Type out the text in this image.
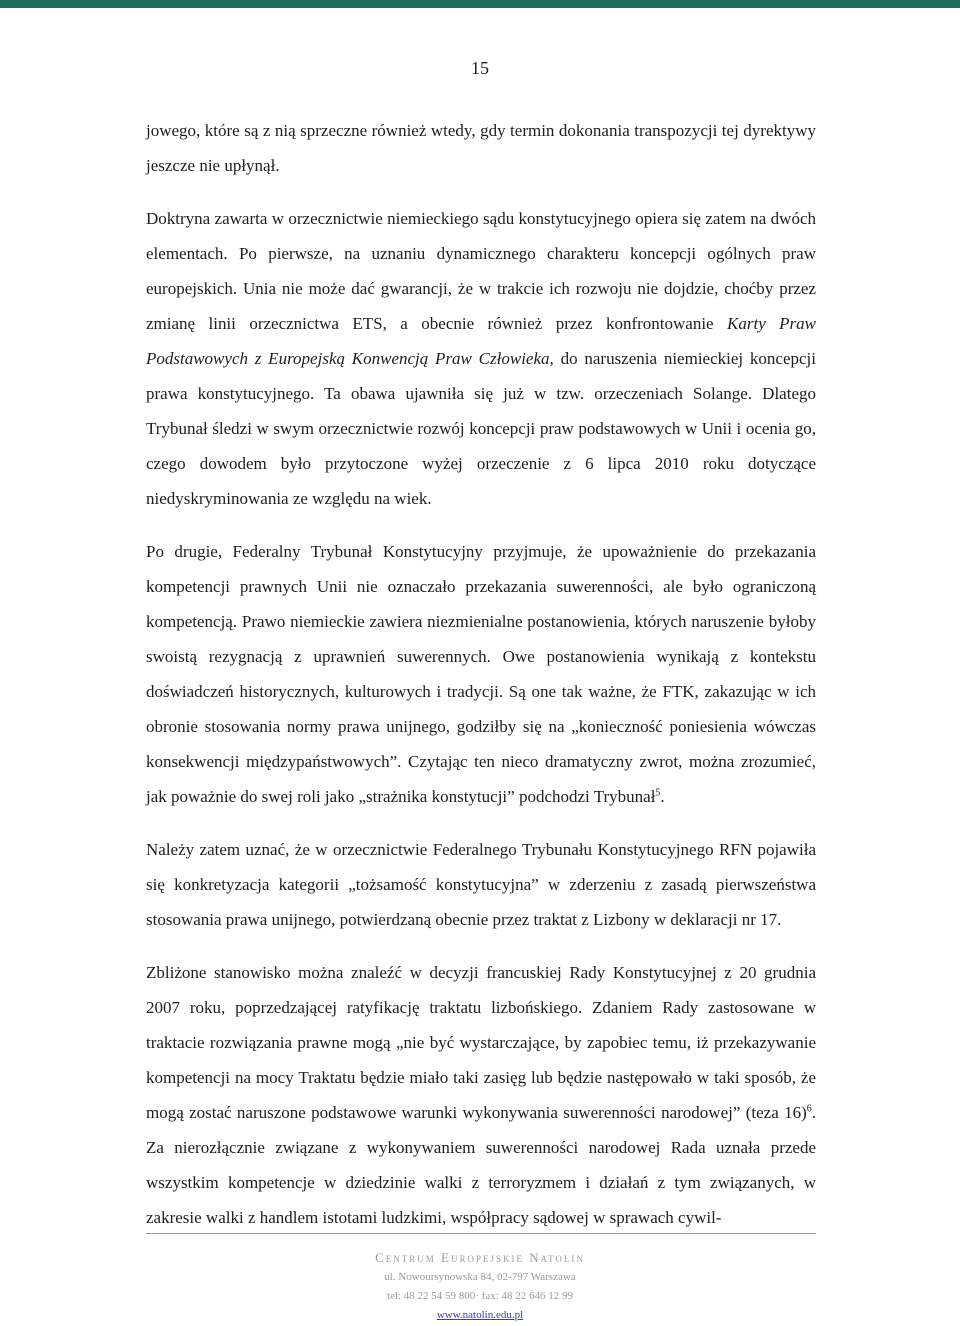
15

jowego, które są z nią sprzeczne również wtedy, gdy termin dokonania transpozycji tej dyrektywy jeszcze nie upłynął.

Doktryna zawarta w orzecznictwie niemieckiego sądu konstytucyjnego opiera się zatem na dwóch elementach. Po pierwsze, na uznaniu dynamicznego charakteru koncepcji ogólnych praw europejskich. Unia nie może dać gwarancji, że w trakcie ich rozwoju nie dojdzie, choćby przez zmianę linii orzecznictwa ETS, a obecnie również przez konfrontowanie Karty Praw Podstawowych z Europejską Konwencją Praw Człowieka, do naruszenia niemieckiej koncepcji prawa konstytucyjnego. Ta obawa ujawniła się już w tzw. orzeczeniach Solange. Dlatego Trybunał śledzi w swym orzecznictwie rozwój koncepcji praw podstawowych w Unii i ocenia go, czego dowodem było przytoczone wyżej orzeczenie z 6 lipca 2010 roku dotyczące niedyskryminowania ze względu na wiek.

Po drugie, Federalny Trybunał Konstytucyjny przyjmuje, że upoważnienie do przekazania kompetencji prawnych Unii nie oznaczało przekazania suwerenności, ale było ograniczoną kompetencją. Prawo niemieckie zawiera niezmienialne postanowienia, których naruszenie byłoby swoistą rezygnacją z uprawnień suwerennych. Owe postanowienia wynikają z kontekstu doświadczeń historycznych, kulturowych i tradycji. Są one tak ważne, że FTK, zakazując w ich obronie stosowania normy prawa unijnego, godziłby się na „konieczność poniesienia wówczas konsekwencji międzypaństwowych”. Czytając ten nieco dramatyczny zwrot, można zrozumieć, jak poważnie do swej roli jako „strażnika konstytucji” podchodzi Trybunał$^5$.

Należy zatem uznać, że w orzecznictwie Federalnego Trybunału Konstytucyjnego RFN pojawiła się konkretyzacja kategorii „tożsamość konstytucyjna” w zderzeniu z zasadą pierwszeństwa stosowania prawa unijnego, potwierdzaną obecnie przez traktat z Lizbony w deklaracji nr 17.

Zbliżone stanowisko można znaleźć w decyzji francuskiej Rady Konstytucyjnej z 20 grudnia 2007 roku, poprzedzającej ratyfikację traktatu lizbońskiego. Zdaniem Rady zastosowane w traktacie rozwiązania prawne mogą „nie być wystarczające, by zapobiec temu, iż przekazywanie kompetencji na mocy Traktatu będzie miało taki zasięg lub będzie następowało w taki sposób, że mogą zostać naruszone podstawowe warunki wykonywania suwerenności narodowej” (teza 16)$^6$. Za nierozłącznie związane z wykonywaniem suwerenności narodowej Rada uznała przede wszystkim kompetencje w dziedzinie walki z terroryzmem i działań z tym związanych, w zakresie walki z handlem istotami ludzkimi, współpracy sądowej w sprawach cywil-

Centrum Europejskie Natolin
ul. Nowoursynowska 84, 02-797 Warszawa
tel: 48 22 54 59 800· fax: 48 22 646 12 99
www.natolin.edu.pl
